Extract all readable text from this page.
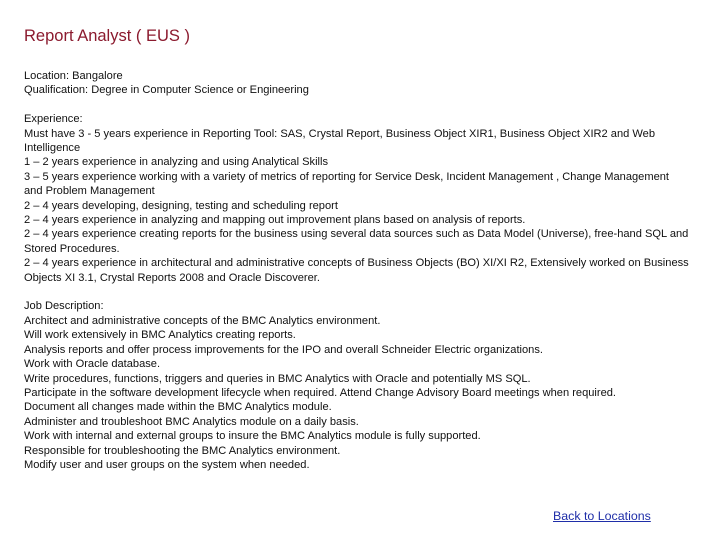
Report Analyst ( EUS )

Location: Bangalore

Qualification: Degree in Computer Science or Engineering

Experience:

Must have 3 - 5 years experience in Reporting Tool: SAS, Crystal Report, Business Object XIR1, Business Object XIR2 and Web Intelligence

1 – 2 years experience in analyzing and using Analytical Skills

3 – 5 years experience working with a variety of metrics of reporting for Service Desk, Incident Management , Change Management and Problem Management

2 – 4 years developing, designing, testing and scheduling report

2 – 4 years experience in analyzing and mapping out improvement plans based on analysis of reports.

2 – 4 years experience creating reports for the business using several data sources such as Data Model (Universe), free-hand SQL and Stored Procedures.

2 – 4 years experience in architectural and administrative concepts of Business Objects (BO) XI/XI R2, Extensively worked on Business Objects XI 3.1, Crystal Reports 2008 and Oracle Discoverer.

Job Description:

Architect and administrative concepts of the BMC Analytics environment.

Will work extensively in BMC Analytics creating reports.

Analysis reports and offer process improvements for the IPO and overall Schneider Electric organizations.

Work with Oracle database.

Write procedures, functions, triggers and queries in BMC Analytics with Oracle and potentially MS SQL.

Participate in the software development lifecycle when required. Attend Change Advisory Board meetings when required.

Document all changes made within the BMC Analytics module.

Administer and troubleshoot BMC Analytics module on a daily basis.

Work with internal and external groups to insure the BMC Analytics module is fully supported.

Responsible for troubleshooting the BMC Analytics environment.

Modify user and user groups on the system when needed.

Back to Locations
